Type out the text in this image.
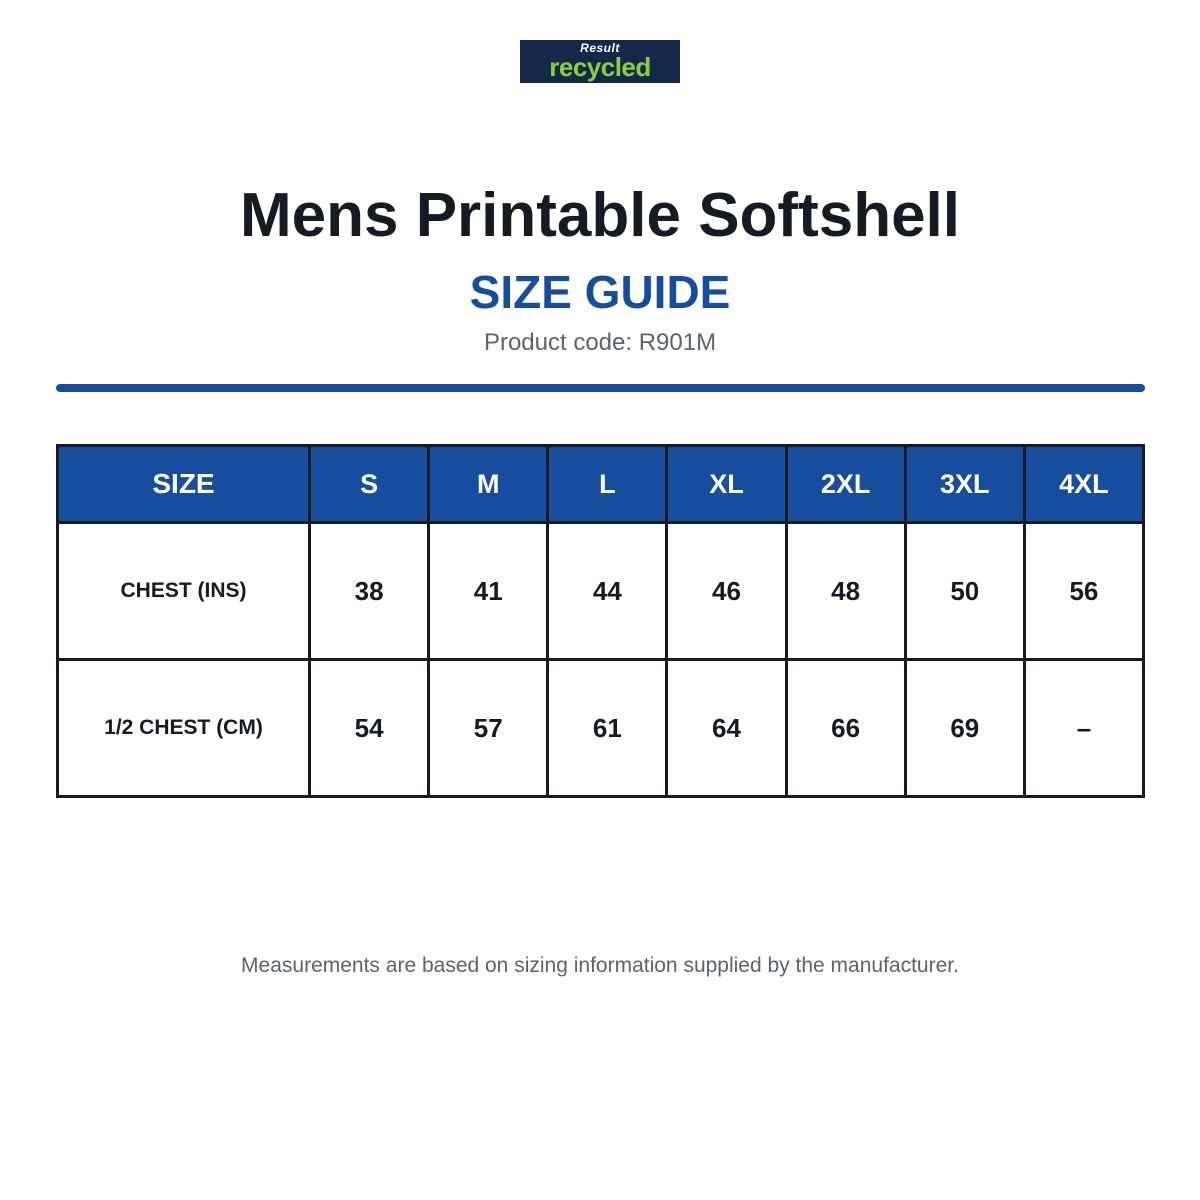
Result
recycled
Mens Printable Softshell
SIZE GUIDE
Product code: R901M
SIZE	S	M	L	XL	2XL	3XL	4XL
CHEST (INS)	38	41	44	46	48	50	56
1/2 CHEST (CM)	54	57	61	64	66	69	–
Measurements are based on sizing information supplied by the manufacturer.
